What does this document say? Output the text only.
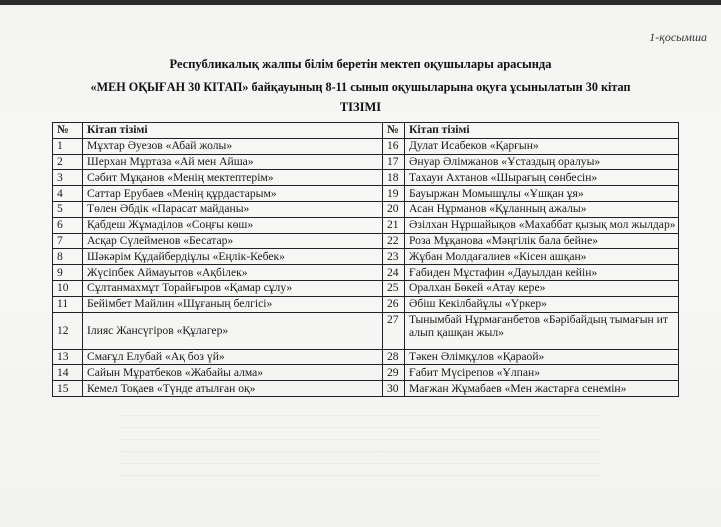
1-қосымша
Республикалық жалпы білім беретін мектеп оқушылары арасында
«МЕН ОҚЫҒАН 30 КІТАП» байқауының 8-11 сынып оқушыларына оқуға ұсынылатын 30 кітап
ТІЗІМІ
№	Кітап тізімі	№	Кітап тізімі
1	Мұхтар Әуезов «Абай жолы»	16	Дулат Исабеков «Қарғын»
2	Шерхан Мұртаза «Ай мен Айша»	17	Әнуар Әлімжанов «Ұстаздың оралуы»
3	Сәбит Мұқанов «Менің мектептерім»	18	Тахауи Ахтанов «Шырағың сөнбесін»
4	Саттар Ерубаев «Менің құрдастарым»	19	Бауыржан Момышұлы «Ұшқан ұя»
5	Төлен Әбдік «Парасат майданы»	20	Асан Нұрманов «Құланның ажалы»
6	Қабдеш Жұмаділов «Соңғы көш»	21	Әзілхан Нұршайықов «Махаббат қызық мол жылдар»
7	Асқар Сүлейменов «Бесатар»	22	Роза Мұқанова «Мәңгілік бала бейне»
8	Шәкәрім Құдайбердіұлы «Еңлік-Кебек»	23	Жұбан Молдағалиев «Кісен ашқан»
9	Жүсіпбек Аймауытов «Ақбілек»	24	Ғабиден Мұстафин «Дауылдан кейін»
10	Сұлтанмахмұт Торайғыров «Қамар сұлу»	25	Оралхан Бөкей «Атау кере»
11	Бейімбет Майлин «Шұғаның белгісі»	26	Әбіш Кекілбайұлы «Үркер»
12	Ілияс Жансүгіров «Құлагер»	27	Тынымбай Нұрмағанбетов «Бәрібайдың тымағын ит алып қашқан жыл»
13	Смағұл Елубай «Ақ боз үй»	28	Тәкен Әлімқұлов «Қараой»
14	Сайын Мұратбеков «Жабайы алма»	29	Ғабит Мүсірепов «Ұлпан»
15	Кемел Тоқаев «Түнде атылған оқ»	30	Мағжан Жұмабаев «Мен жастарға сенемін»
